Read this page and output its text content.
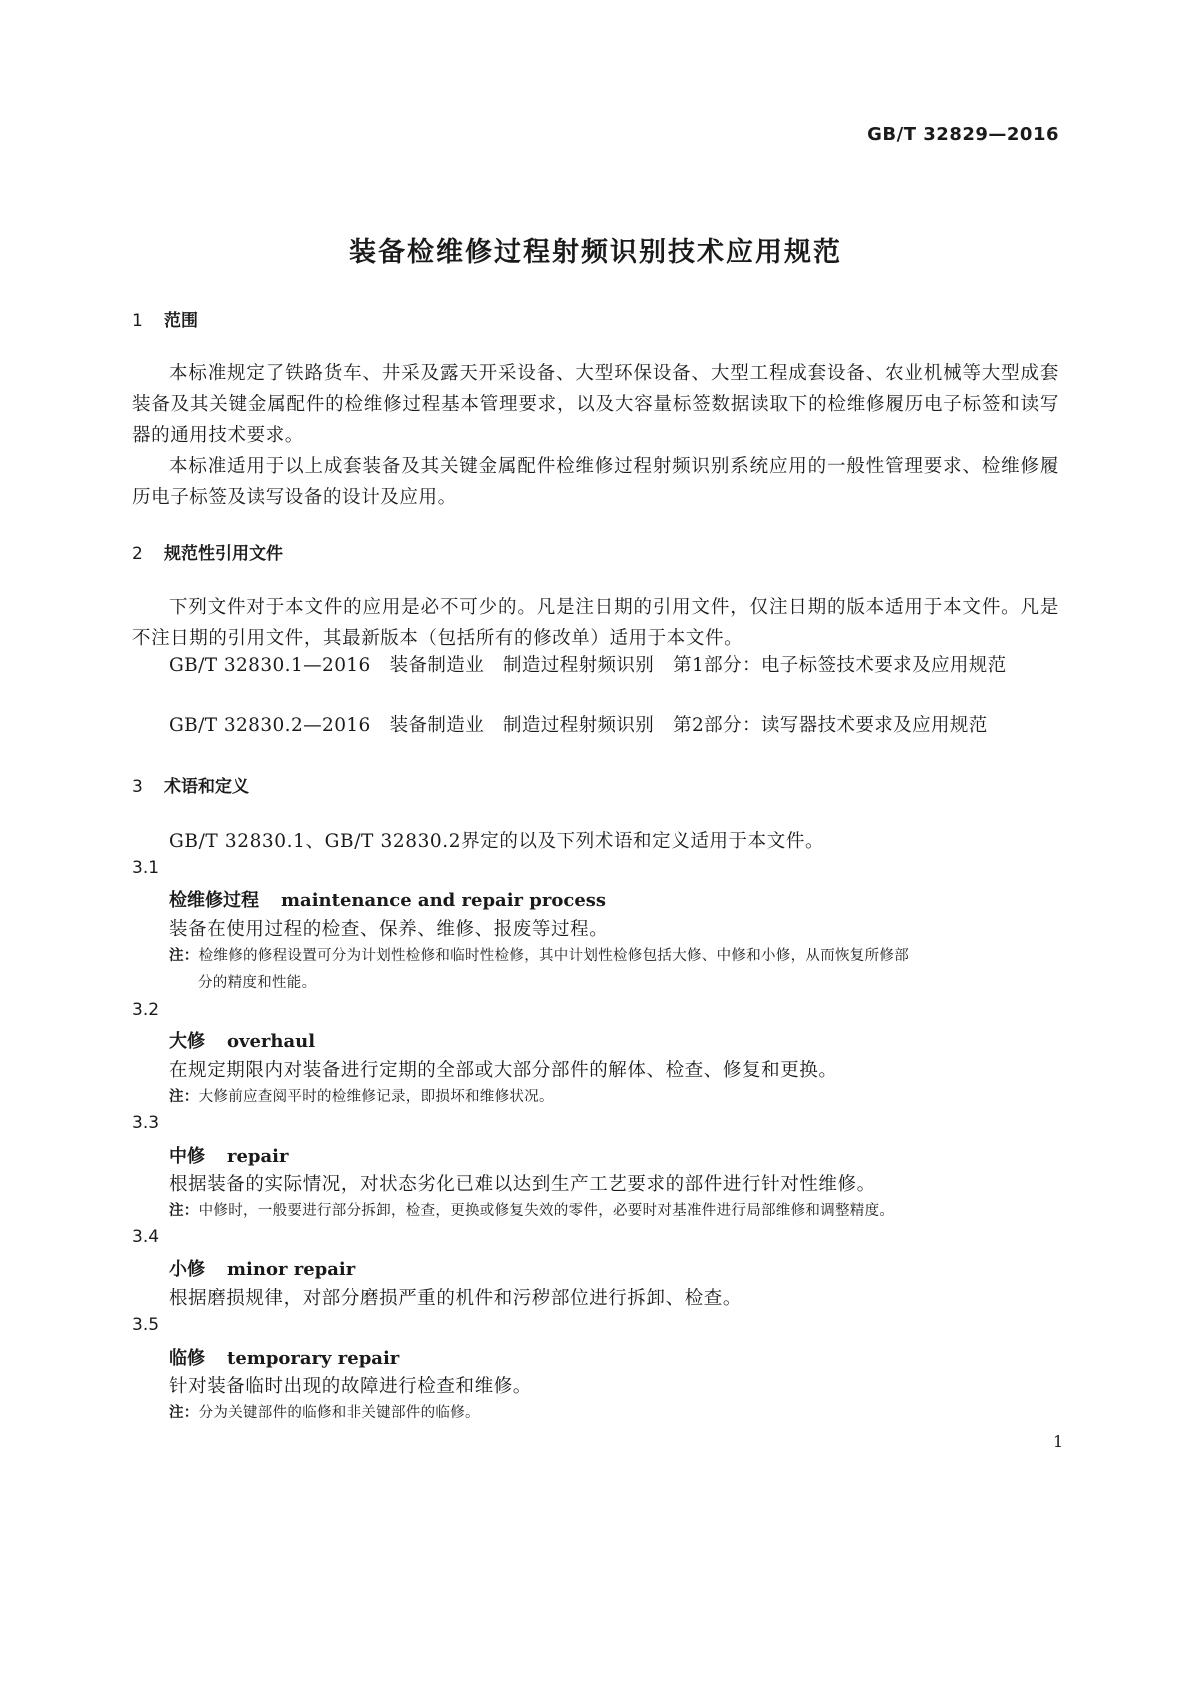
GB/T 32829—2016
装备检维修过程射频识别技术应用规范
1 范围
本标准规定了铁路货车、井采及露天开采设备、大型环保设备、大型工程成套设备、农业机械等大型成套装备及其关键金属配件的检维修过程基本管理要求，以及大容量标签数据读取下的检维修履历电子标签和读写器的通用技术要求。
本标准适用于以上成套装备及其关键金属配件检维修过程射频识别系统应用的一般性管理要求、检维修履历电子标签及读写设备的设计及应用。
2 规范性引用文件
下列文件对于本文件的应用是必不可少的。凡是注日期的引用文件，仅注日期的版本适用于本文件。凡是不注日期的引用文件，其最新版本（包括所有的修改单）适用于本文件。
GB/T 32830.1—2016　装备制造业　制造过程射频识别　第1部分：电子标签技术要求及应用规范
GB/T 32830.2—2016　装备制造业　制造过程射频识别　第2部分：读写器技术要求及应用规范
3 术语和定义
GB/T 32830.1、GB/T 32830.2界定的以及下列术语和定义适用于本文件。
3.1
检维修过程 maintenance and repair process
装备在使用过程的检查、保养、维修、报废等过程。
注：检维修的修程设置可分为计划性检修和临时性检修，其中计划性检修包括大修、中修和小修，从而恢复所修部
分的精度和性能。
3.2
大修 overhaul
在规定期限内对装备进行定期的全部或大部分部件的解体、检查、修复和更换。
注：大修前应查阅平时的检维修记录，即损坏和维修状况。
3.3
中修 repair
根据装备的实际情况，对状态劣化已难以达到生产工艺要求的部件进行针对性维修。
注：中修时，一般要进行部分拆卸，检查，更换或修复失效的零件，必要时对基准件进行局部维修和调整精度。
3.4
小修 minor repair
根据磨损规律，对部分磨损严重的机件和污秽部位进行拆卸、检查。
3.5
临修 temporary repair
针对装备临时出现的故障进行检查和维修。
注：分为关键部件的临修和非关键部件的临修。
1
